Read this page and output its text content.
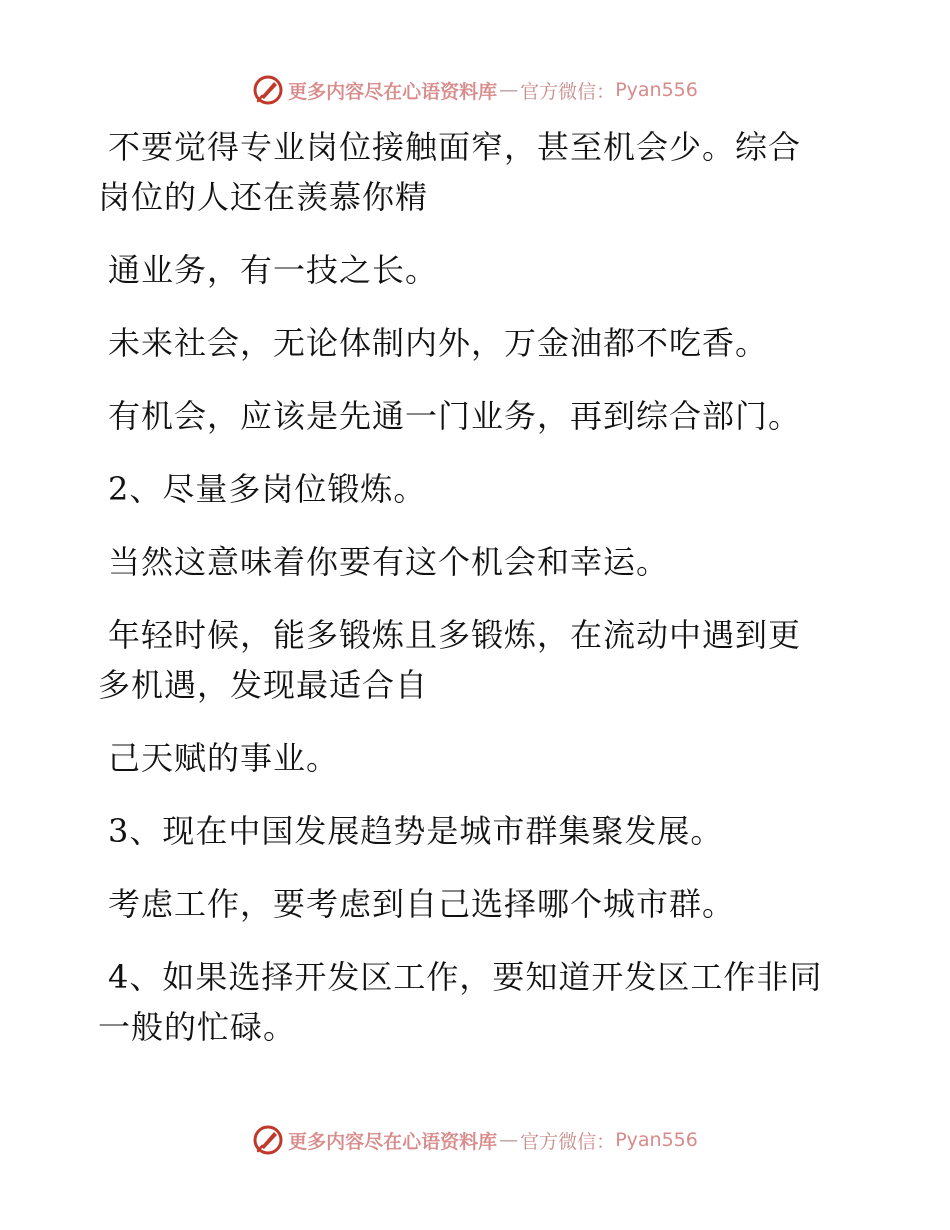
更多内容尽在心语资料库 — 官方微信： Pyan556

不要觉得专业岗位接触面窄，甚至机会少。综合
岗位的人还在羡慕你精

通业务，有一技之长。

未来社会，无论体制内外，万金油都不吃香。

有机会，应该是先通一门业务，再到综合部门。

2、尽量多岗位锻炼。

当然这意味着你要有这个机会和幸运。

年轻时候，能多锻炼且多锻炼，在流动中遇到更
多机遇，发现最适合自

己天赋的事业。

3、现在中国发展趋势是城市群集聚发展。

考虑工作，要考虑到自己选择哪个城市群。

4、如果选择开发区工作，要知道开发区工作非同
一般的忙碌。

更多内容尽在心语资料库 — 官方微信： Pyan556
